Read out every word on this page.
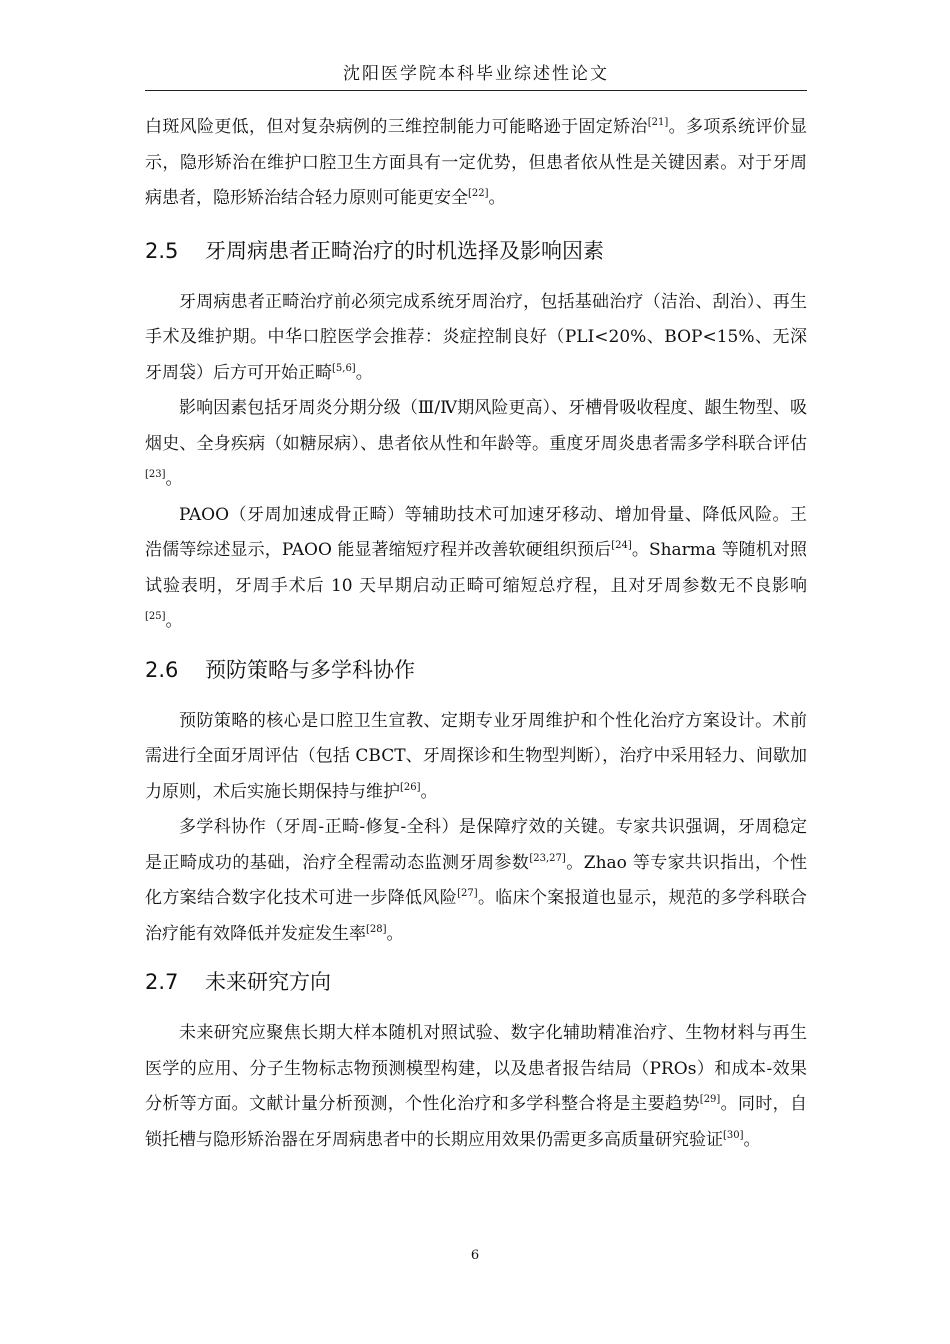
沈阳医学院本科毕业综述性论文

白斑风险更低，但对复杂病例的三维控制能力可能略逊于固定矫治[21]。多项系统评价显示，隐形矫治在维护口腔卫生方面具有一定优势，但患者依从性是关键因素。对于牙周病患者，隐形矫治结合轻力原则可能更安全[22]。

2.5 牙周病患者正畸治疗的时机选择及影响因素

牙周病患者正畸治疗前必须完成系统牙周治疗，包括基础治疗（洁治、刮治）、再生手术及维护期。中华口腔医学会推荐：炎症控制良好（PLI<20%、BOP<15%、无深牙周袋）后方可开始正畸[5,6]。

影响因素包括牙周炎分期分级（Ⅲ/Ⅳ期风险更高）、牙槽骨吸收程度、龈生物型、吸烟史、全身疾病（如糖尿病）、患者依从性和年龄等。重度牙周炎患者需多学科联合评估[23]。

PAOO（牙周加速成骨正畸）等辅助技术可加速牙移动、增加骨量、降低风险。王浩儒等综述显示，PAOO 能显著缩短疗程并改善软硬组织预后[24]。Sharma 等随机对照试验表明，牙周手术后 10 天早期启动正畸可缩短总疗程，且对牙周参数无不良影响[25]。

2.6 预防策略与多学科协作

预防策略的核心是口腔卫生宣教、定期专业牙周维护和个性化治疗方案设计。术前需进行全面牙周评估（包括 CBCT、牙周探诊和生物型判断），治疗中采用轻力、间歇加力原则，术后实施长期保持与维护[26]。

多学科协作（牙周-正畸-修复-全科）是保障疗效的关键。专家共识强调，牙周稳定是正畸成功的基础，治疗全程需动态监测牙周参数[23,27]。Zhao 等专家共识指出，个性化方案结合数字化技术可进一步降低风险[27]。临床个案报道也显示，规范的多学科联合治疗能有效降低并发症发生率[28]。

2.7 未来研究方向

未来研究应聚焦长期大样本随机对照试验、数字化辅助精准治疗、生物材料与再生医学的应用、分子生物标志物预测模型构建，以及患者报告结局（PROs）和成本-效果分析等方面。文献计量分析预测，个性化治疗和多学科整合将是主要趋势[29]。同时，自锁托槽与隐形矫治器在牙周病患者中的长期应用效果仍需更多高质量研究验证[30]。

6
